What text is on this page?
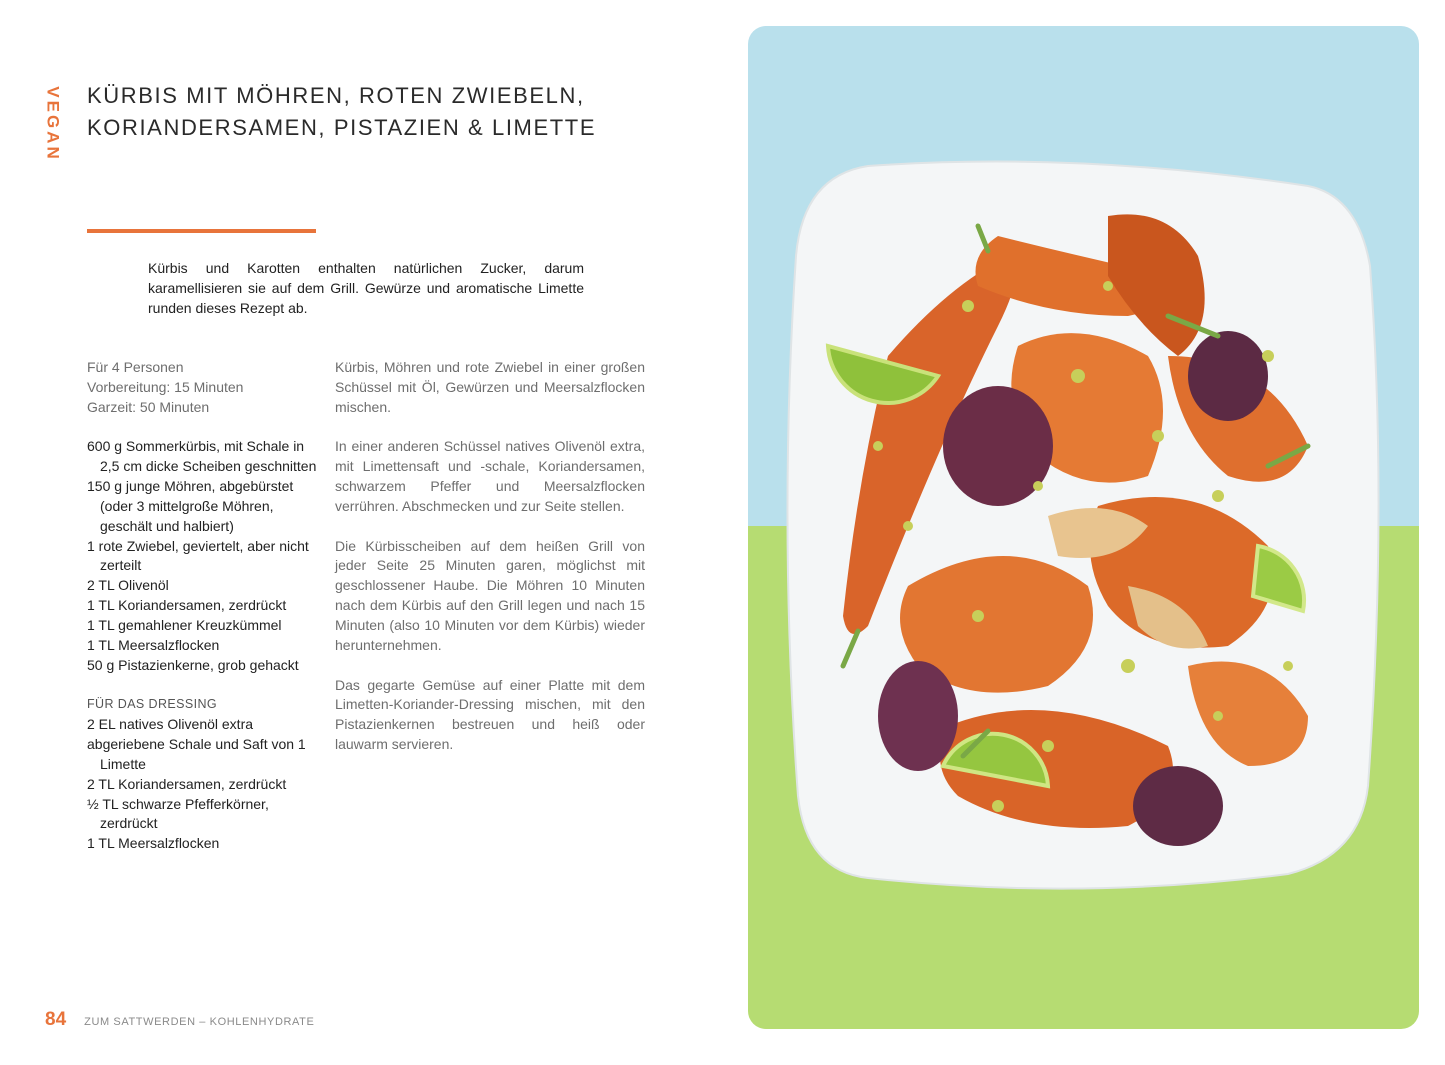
VEGAN KÜRBIS MIT MÖHREN, ROTEN ZWIEBELN,
KORIANDERSAMEN, PISTAZIEN & LIMETTE

Kürbis und Karotten enthalten natürlichen Zucker, darum karamellisieren sie auf dem Grill. Gewürze und aromatische Limette runden dieses Rezept ab.

Für 4 Personen
Vorbereitung: 15 Minuten
Garzeit: 50 Minuten
600 g Sommerkürbis, mit Schale in 2,5 cm dicke Scheiben geschnitten
150 g junge Möhren, abgebürstet (oder 3 mittelgroße Möhren, geschält und halbiert)
1 rote Zwiebel, geviertelt, aber nicht zerteilt
2 TL Olivenöl
1 TL Koriandersamen, zerdrückt
1 TL gemahlener Kreuzkümmel
1 TL Meersalzflocken
50 g Pistazienkerne, grob gehackt
FÜR DAS DRESSING
2 EL natives Olivenöl extra
abgeriebene Schale und Saft von 1 Limette
2 TL Koriandersamen, zerdrückt
½ TL schwarze Pfefferkörner, zerdrückt
1 TL Meersalzflocken

Kürbis, Möhren und rote Zwiebel in einer großen Schüssel mit Öl, Gewürzen und Meersalzflocken mischen.

In einer anderen Schüssel natives Olivenöl extra, mit Limettensaft und -schale, Koriandersamen, schwarzem Pfeffer und Meersalzflocken verrühren. Abschmecken und zur Seite stellen.

Die Kürbisscheiben auf dem heißen Grill von jeder Seite 25 Minuten garen, möglichst mit geschlossener Haube. Die Möhren 10 Minuten nach dem Kürbis auf den Grill legen und nach 15 Minuten (also 10 Minuten vor dem Kürbis) wieder herunternehmen.

Das gegarte Gemüse auf einer Platte mit dem Limetten-Koriander-Dressing mischen, mit den Pistazienkernen bestreuen und heiß oder lauwarm servieren.

84 ZUM SATTWERDEN – KOHLENHYDRATE
